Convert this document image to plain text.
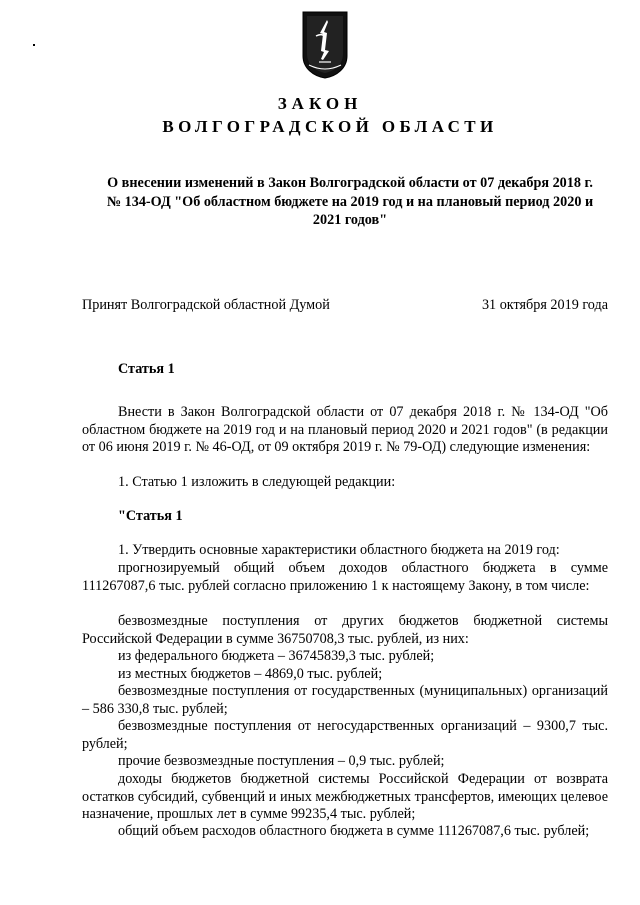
ЗАКОН
ВОЛГОГРАДСКОЙ ОБЛАСТИ
О внесении изменений в Закон Волгоградской области от 07 декабря 2018 г. № 134-ОД "Об областном бюджете на 2019 год и на плановый период 2020 и 2021 годов"
Принят Волгоградской областной Думой	31 октября 2019 года
Статья 1
Внести в Закон Волгоградской области от 07 декабря 2018 г. № 134-ОД "Об областном бюджете на 2019 год и на плановый период 2020 и 2021 годов" (в редакции от 06 июня 2019 г. № 46-ОД, от 09 октября 2019 г. № 79-ОД) следующие изменения:
1. Статью 1 изложить в следующей редакции:
"Статья 1
1. Утвердить основные характеристики областного бюджета на 2019 год:
прогнозируемый общий объем доходов областного бюджета в сумме 111267087,6 тыс. рублей согласно приложению 1 к настоящему Закону, в том числе:
безвозмездные поступления от других бюджетов бюджетной системы Российской Федерации в сумме 36750708,3 тыс. рублей, из них:
из федерального бюджета – 36745839,3 тыс. рублей;
из местных бюджетов – 4869,0 тыс. рублей;
безвозмездные поступления от государственных (муниципальных) организаций – 586 330,8 тыс. рублей;
безвозмездные поступления от негосударственных организаций – 9300,7 тыс. рублей;
прочие безвозмездные поступления – 0,9 тыс. рублей;
доходы бюджетов бюджетной системы Российской Федерации от возврата остатков субсидий, субвенций и иных межбюджетных трансфертов, имеющих целевое назначение, прошлых лет в сумме 99235,4 тыс. рублей;
общий объем расходов областного бюджета в сумме 111267087,6 тыс. рублей;
